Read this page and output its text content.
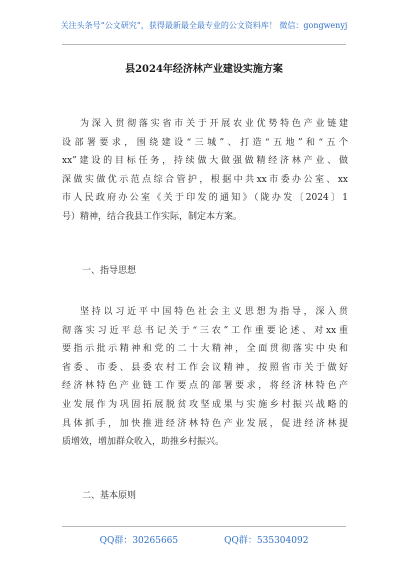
关注头条号“公文研究”，获得最新最全最专业的公文资料库！ 微信：gongwenyj
县2024年经济林产业建设实施方案
为深入贯彻落实省市关于开展农业优势特色产业链建
设部署要求，围绕建设“三城”、打造“五地”和“五个
xx”建设的目标任务，持续做大做强做精经济林产业、做
深做实做优示范点综合管护，根据中共xx市委办公室、xx
市人民政府办公室《关于印发的通知》（陇办发〔2024〕1
号）精神，结合我县工作实际，制定本方案。
一、指导思想
坚持以习近平中国特色社会主义思想为指导，深入贯
彻落实习近平总书记关于“三农”工作重要论述、对xx重
要指示批示精神和党的二十大精神，全面贯彻落实中央和
省委、市委、县委农村工作会议精神，按照省市关于做好
经济林特色产业链工作要点的部署要求，将经济林特色产
业发展作为巩固拓展脱贫攻坚成果与实施乡村振兴战略的
具体抓手，加快推进经济林特色产业发展，促进经济林提
质增效，增加群众收入，助推乡村振兴。
二、基本原则
QQ群：30265665	QQ群：535304092
